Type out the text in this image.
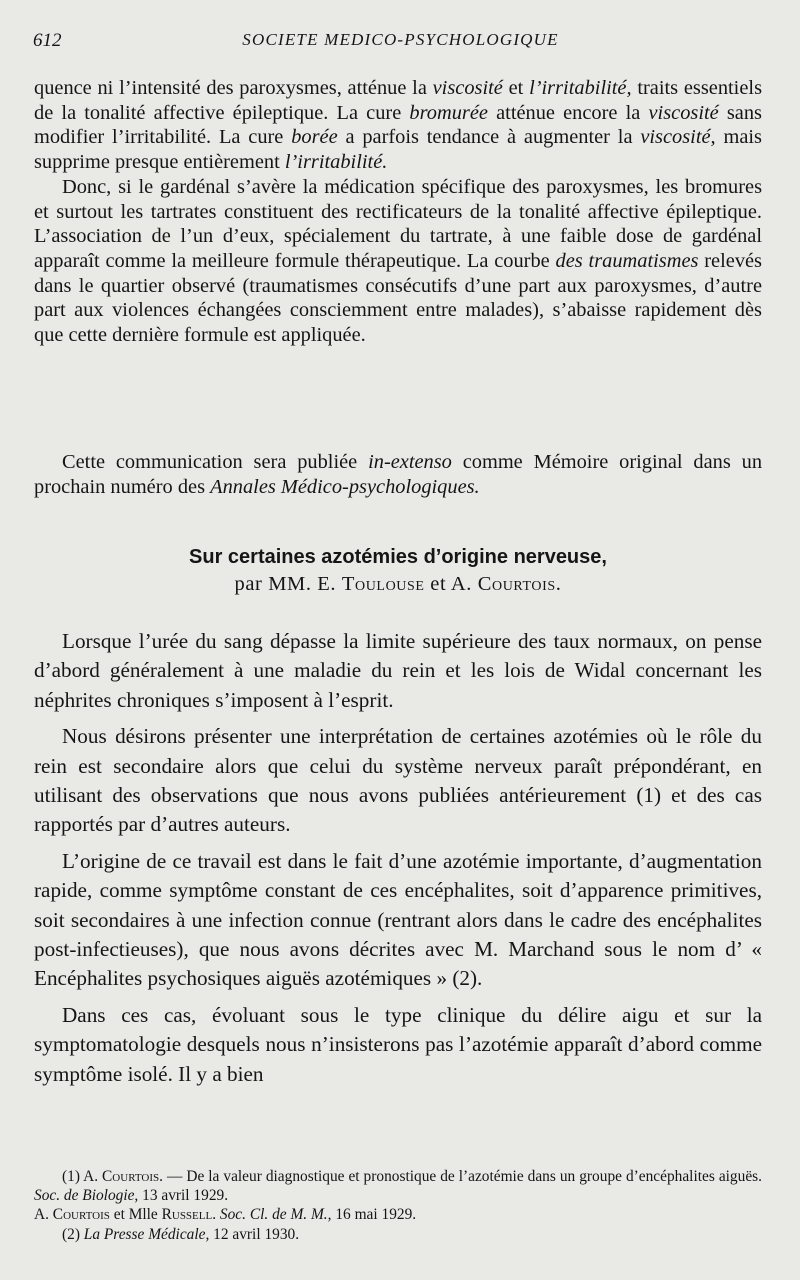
612	SOCIETE MEDICO-PSYCHOLOGIQUE

quence ni l’intensité des paroxysmes, atténue la viscosité et l’irritabilité, traits essentiels de la tonalité affective épileptique. La cure bromurée atténue encore la viscosité sans modifier l’irritabilité. La cure borée a parfois tendance à augmenter la viscosité, mais supprime presque entièrement l’irritabilité.

Donc, si le gardénal s’avère la médication spécifique des paroxysmes, les bromures et surtout les tartrates constituent des rectificateurs de la tonalité affective épileptique. L’association de l’un d’eux, spécialement du tartrate, à une faible dose de gardénal apparaît comme la meilleure formule thérapeutique. La courbe des traumatismes relevés dans le quartier observé (traumatismes consécutifs d’une part aux paroxysmes, d’autre part aux violences échangées consciemment entre malades), s’abaisse rapidement dès que cette dernière formule est appliquée.

Cette communication sera publiée in-extenso comme Mémoire original dans un prochain numéro des Annales Médico-psychologiques.

Sur certaines azotémies d’origine nerveuse,
par MM. E. Toulouse et A. Courtois.

Lorsque l’urée du sang dépasse la limite supérieure des taux normaux, on pense d’abord généralement à une maladie du rein et les lois de Widal concernant les néphrites chroniques s’imposent à l’esprit.

Nous désirons présenter une interprétation de certaines azotémies où le rôle du rein est secondaire alors que celui du système nerveux paraît prépondérant, en utilisant des observations que nous avons publiées antérieurement (1) et des cas rapportés par d’autres auteurs.

L’origine de ce travail est dans le fait d’une azotémie importante, d’augmentation rapide, comme symptôme constant de ces encéphalites, soit d’apparence primitives, soit secondaires à une infection connue (rentrant alors dans le cadre des encéphalites post-infectieuses), que nous avons décrites avec M. Marchand sous le nom d’ « Encéphalites psychosiques aiguës azotémiques » (2).

Dans ces cas, évoluant sous le type clinique du délire aigu et sur la symptomatologie desquels nous n’insisterons pas l’azotémie apparaît d’abord comme symptôme isolé. Il y a bien

(1) A. Courtois. — De la valeur diagnostique et pronostique de l’azotémie dans un groupe d’encéphalites aiguës. Soc. de Biologie, 13 avril 1929.

A. Courtois et Mlle Russell. Soc. Cl. de M. M., 16 mai 1929.

(2) La Presse Médicale, 12 avril 1930.
